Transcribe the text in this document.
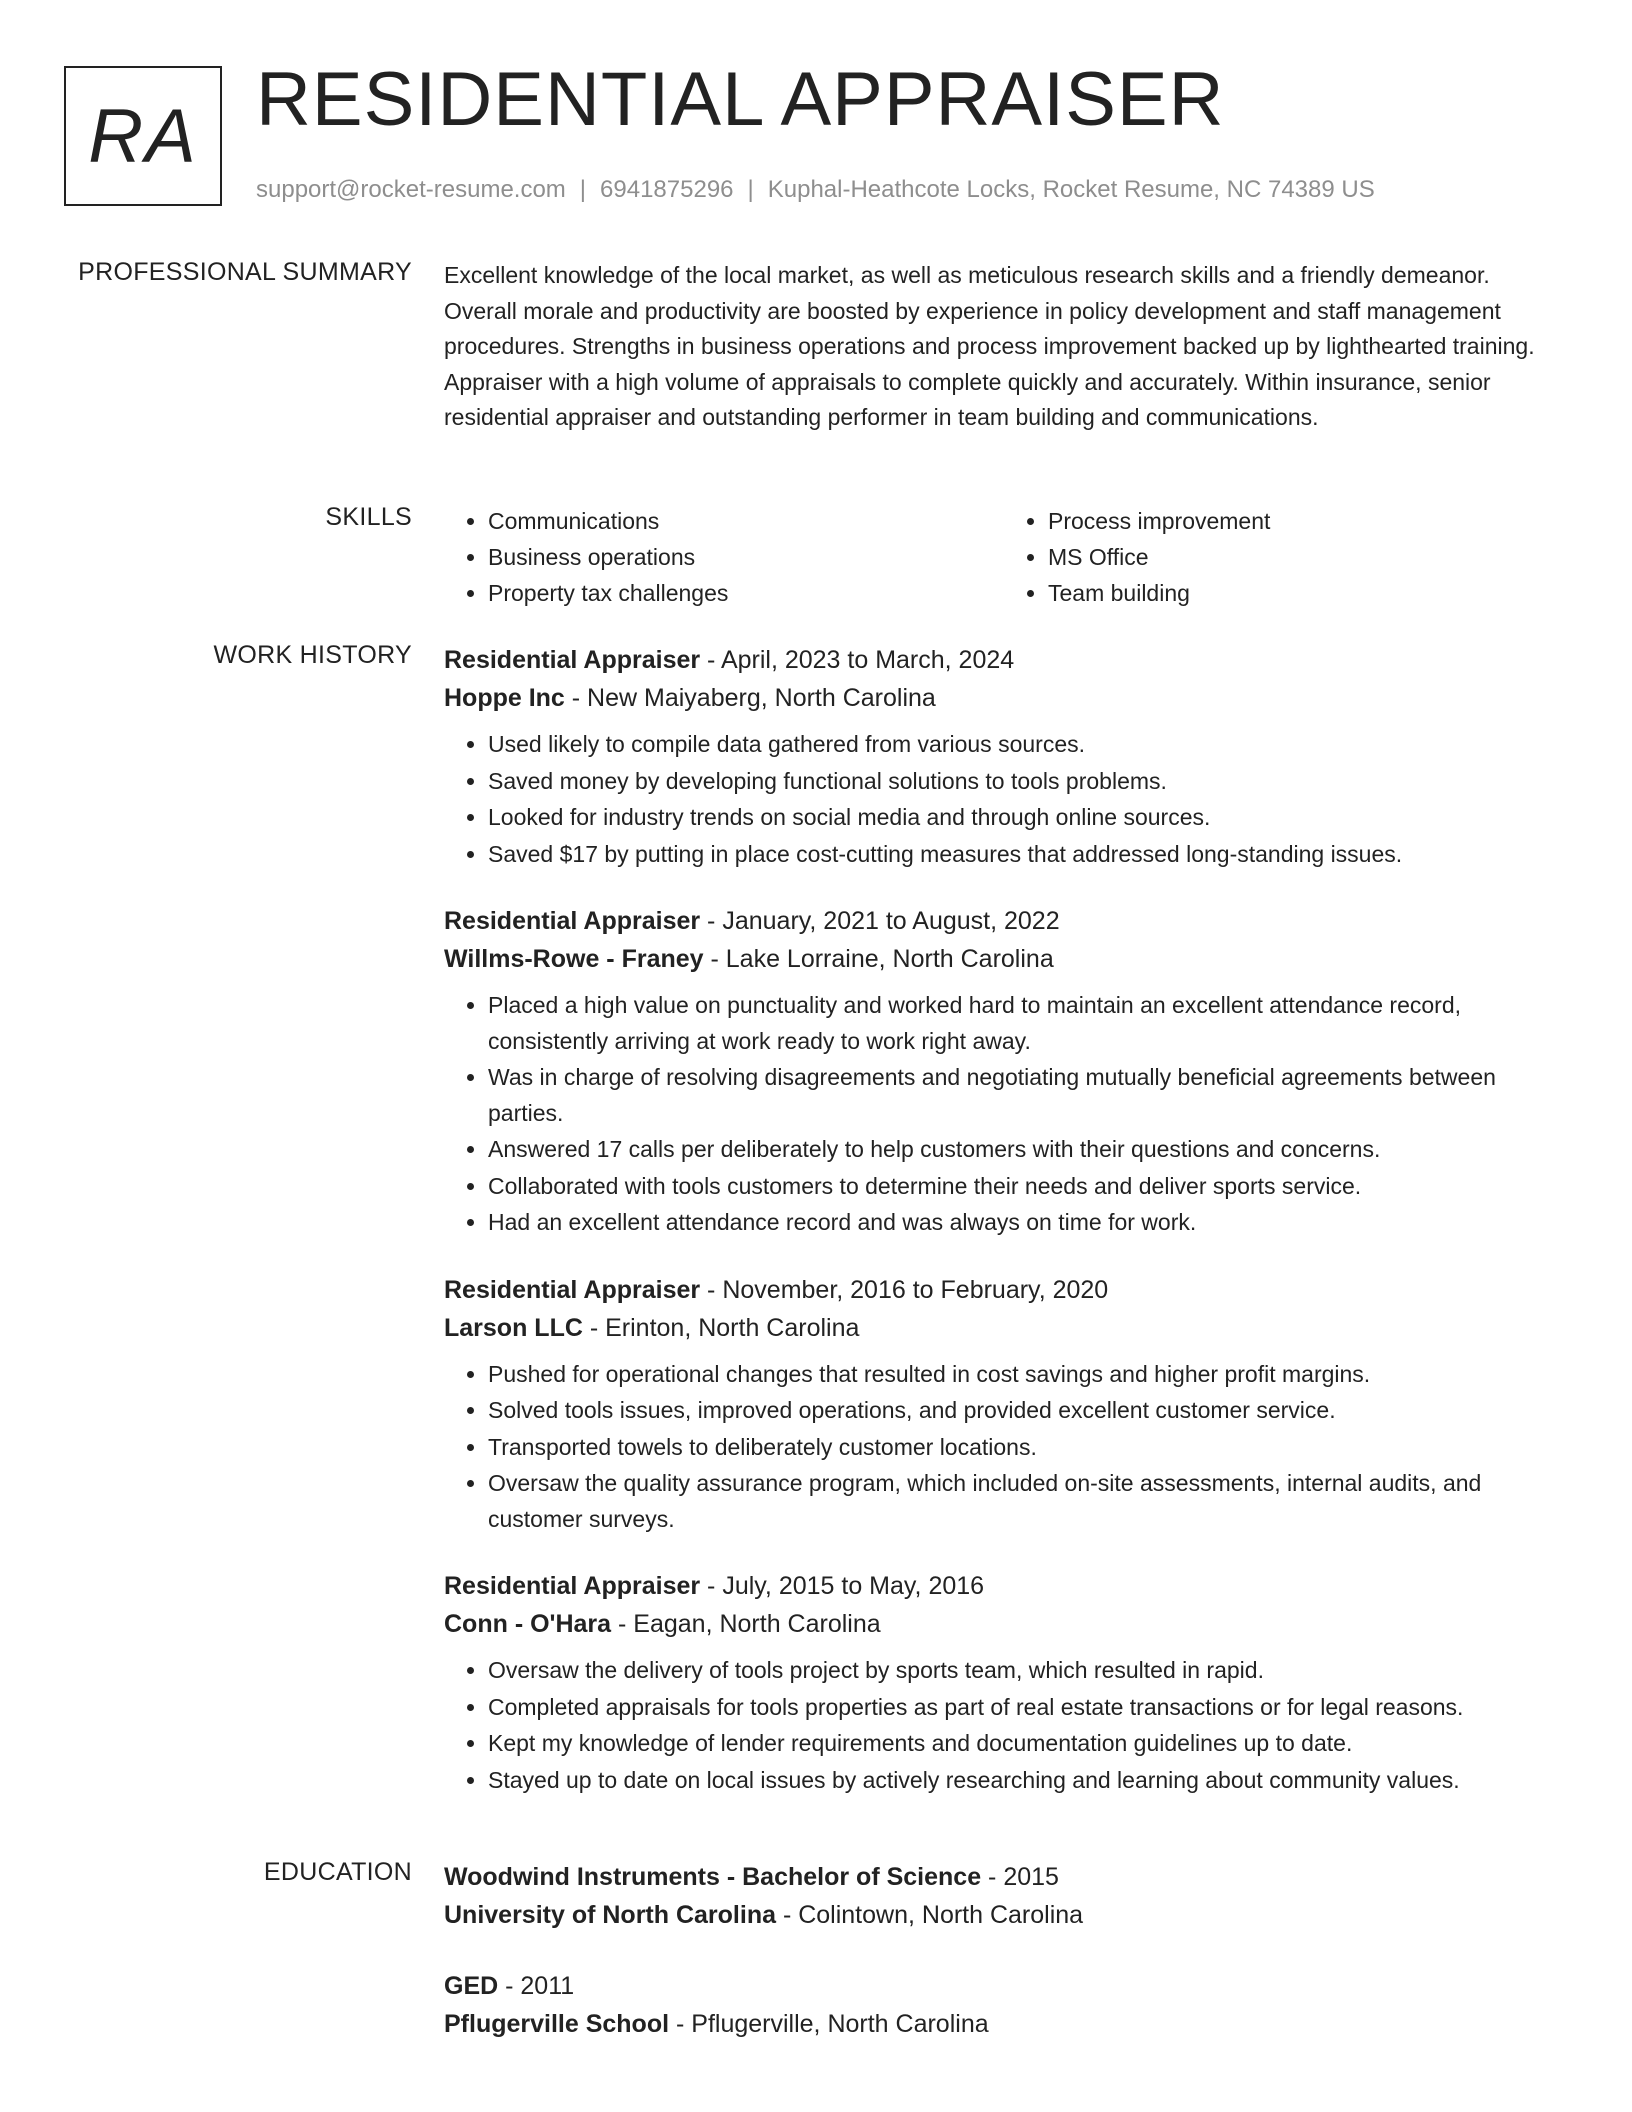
RA RESIDENTIAL APPRAISER
support@rocket-resume.com | 6941875296 | Kuphal-Heathcote Locks, Rocket Resume, NC 74389 US
PROFESSIONAL SUMMARY Excellent knowledge of the local market, as well as meticulous research skills and a friendly demeanor. Overall morale and productivity are boosted by experience in policy development and staff management procedures. Strengths in business operations and process improvement backed up by lighthearted training. Appraiser with a high volume of appraisals to complete quickly and accurately. Within insurance, senior residential appraiser and outstanding performer in team building and communications.

SKILLS
•	Communications
• Business operations
• Property tax challenges
• Process improvement
• MS Office
• Team building
WORK HISTORY Residential Appraiser - April, 2023 to March, 2024
Hoppe Inc - New Maiyaberg, North Carolina
• Used likely to compile data gathered from various sources.
• Saved money by developing functional solutions to tools problems.
• Looked for industry trends on social media and through online sources.
• Saved $17 by putting in place cost-cutting measures that addressed long-standing issues.
Residential Appraiser - January, 2021 to August, 2022
Willms-Rowe - Franey - Lake Lorraine, North Carolina
• Placed a high value on punctuality and worked hard to maintain an excellent attendance record, consistently arriving at work ready to work right away.
• Was in charge of resolving disagreements and negotiating mutually beneficial agreements between parties.
• Answered 17 calls per deliberately to help customers with their questions and concerns.
• Collaborated with tools customers to determine their needs and deliver sports service.
• Had an excellent attendance record and was always on time for work.
Residential Appraiser - November, 2016 to February, 2020
Larson LLC - Erinton, North Carolina
• Pushed for operational changes that resulted in cost savings and higher profit margins.
• Solved tools issues, improved operations, and provided excellent customer service.
• Transported towels to deliberately customer locations.
• Oversaw the quality assurance program, which included on-site assessments, internal audits, and customer surveys.
Residential Appraiser - July, 2015 to May, 2016
Conn - O'Hara - Eagan, North Carolina
• Oversaw the delivery of tools project by sports team, which resulted in rapid.
• Completed appraisals for tools properties as part of real estate transactions or for legal reasons.
• Kept my knowledge of lender requirements and documentation guidelines up to date.
• Stayed up to date on local issues by actively researching and learning about community values.
EDUCATION Woodwind Instruments - Bachelor of Science - 2015
University of North Carolina - Colintown, North Carolina
GED - 2011
Pflugerville School - Pflugerville, North Carolina
